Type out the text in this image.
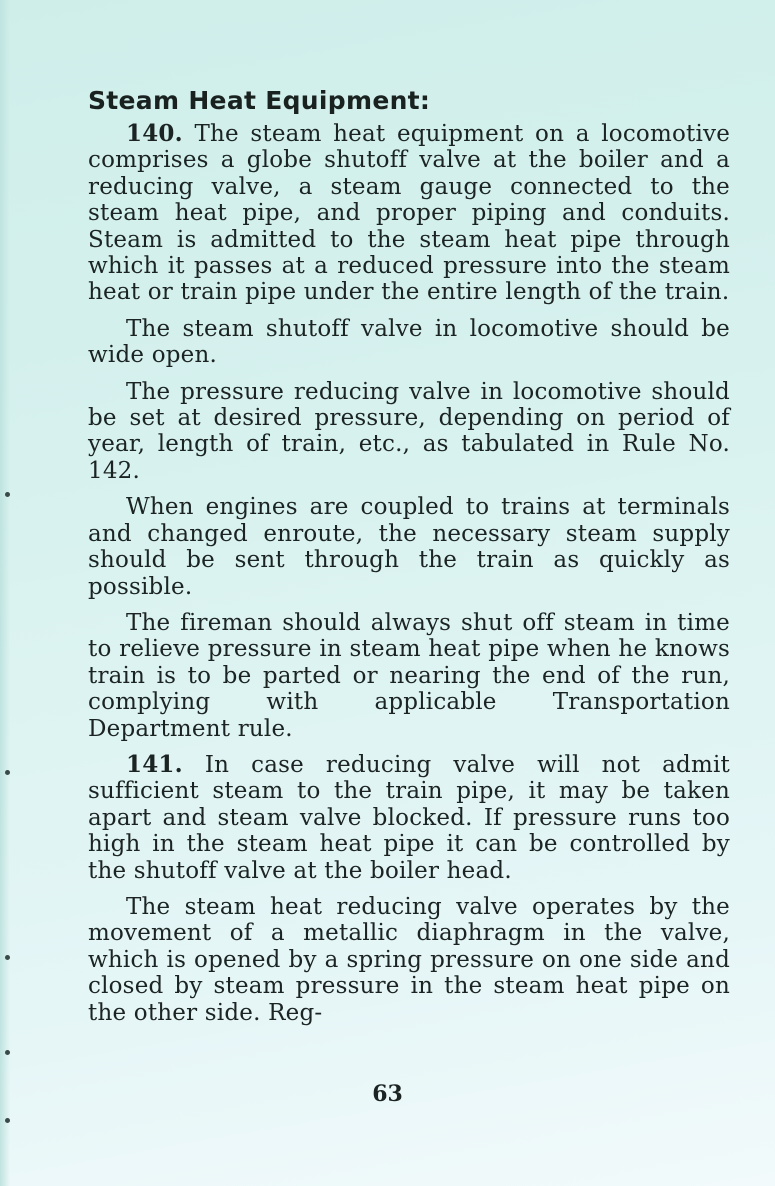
Steam Heat Equipment:

140. The steam heat equipment on a locomotive comprises a globe shutoff valve at the boiler and a reducing valve, a steam gauge connected to the steam heat pipe, and proper piping and conduits. Steam is admitted to the steam heat pipe through which it passes at a reduced pressure into the steam heat or train pipe under the entire length of the train.

The steam shutoff valve in locomotive should be wide open.

The pressure reducing valve in locomotive should be set at desired pressure, depending on period of year, length of train, etc., as tabulated in Rule No. 142.

When engines are coupled to trains at terminals and changed enroute, the necessary steam supply should be sent through the train as quickly as possible.

The fireman should always shut off steam in time to relieve pressure in steam heat pipe when he knows train is to be parted or nearing the end of the run, complying with applicable Transportation Department rule.

141. In case reducing valve will not admit sufficient steam to the train pipe, it may be taken apart and steam valve blocked. If pressure runs too high in the steam heat pipe it can be controlled by the shutoff valve at the boiler head.

The steam heat reducing valve operates by the movement of a metallic diaphragm in the valve, which is opened by a spring pressure on one side and closed by steam pressure in the steam heat pipe on the other side. Reg-

63
